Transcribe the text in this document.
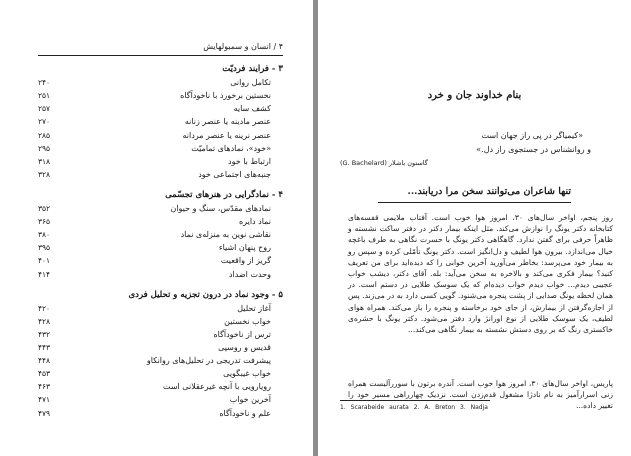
۴ / انسان و سمبولهایش
۳ - فرایند فردیّت
۲۴۰	تکامل روانی
۲۵۱	نخستین برخورد با ناخودآگاه
۲۵۷	کشف سایه
۲۷۰	عنصر مادینه یا عنصر زنانه
۲۸۵	عنصر نرینه یا عنصر مردانه
۲۹۵	«خود»، نمادهای تمامیّت
۳۱۸	ارتباط با خود
۳۲۸	جنبه‌های اجتماعی خود
۴ - نمادگرایی در هنرهای تجسّمی
۳۵۲	نمادهای مقدّس، سنگ و حیوان
۳۶۵	نماد دایره
۳۸۰	نقاشی نوین به منزله‌ی نماد
۳۹۵	روح پنهان اشیاء
۴۰۱	گریز از واقعیت
۴۱۴	وحدت اضداد
۵ - وجود نماد در درون تجزیه و تحلیل فردی
۴۲۰	آغاز تحلیل
۴۲۸	خواب نخستین
۴۳۲	ترس از ناخودآگاه
۴۴۳	قدیس و روسپی
۴۴۸	پیشرفت تدریجی در تحلیل‌های روانکاو
۴۵۳	خواب غیبگویی
۴۶۳	رویارویی با آنچه غیرعقلانی است
۴۷۱	آخرین خواب
۴۷۹	علم و ناخودآگاه
بنام خداوند جان و خرد
«کیمیاگر در پی راز جهان است
و روانشناس در جستجوی راز دل.»
(G. Bachelard) گاستون باشلار
تنها شاعران می‌توانند سخن مرا دریابند...

روز پنجم، اواخر سال‌های ۳۰، امروز هوا خوب است. آفتاب ملایمی قفسه‌های کتابخانه دکتر یونگ را نوازش می‌کند. مثل اینکه بیمار دکتر در دفتر ساکت نشسته و ظاهراً حرفی برای گفتن ندارد. گاهگاهی دکتر یونگ با حسرت نگاهی به طرف باغچه خیال می‌اندازد. بیرون هوا لطیف و دل‌انگیز است. دکتر یونگ تأمّلی کرده و سپس رو به بیمار خود می‌پرسد: بخاطر می‌آورید آخرین خوابی را که دیده‌اید برای من تعریف کنید؟ بیمار فکری می‌کند و بالاخره به سخن می‌آید: بله. آقای دکتر، دیشب خواب عجیبی دیدم... خواب دیدم خواب دیده‌ام که یک سوسک طلایی در دستم است. در همان لحظه یونگ صدایی از پشت پنجره می‌شنود. گویی کسی دارد به در می‌زند. پس از اجازه‌گرفتن از بیمارش، از جای خود برخاسته و پنجره را باز می‌کند. همراه هوای لطیف، یک سوسک طلایی از نوع اورانژ وارد دفتر می‌شود. دکتر یونگ با حشره‌ی خاکستری رنگ که بر روی دستش نشسته به بیمار نگاهی می‌کند...

پاریس، اواخر سال‌های ۳۰، امروز هوا خوب است. آندره برتون با سوررآلیست همراه زنی اسرارآمیز به نام نادژا مشغول قدم‌زدن است. نزدیک چهارراهی مسیر خود را تغییر داده...

1. Scarabeide aurata 2. A. Breton 3. Nadja
